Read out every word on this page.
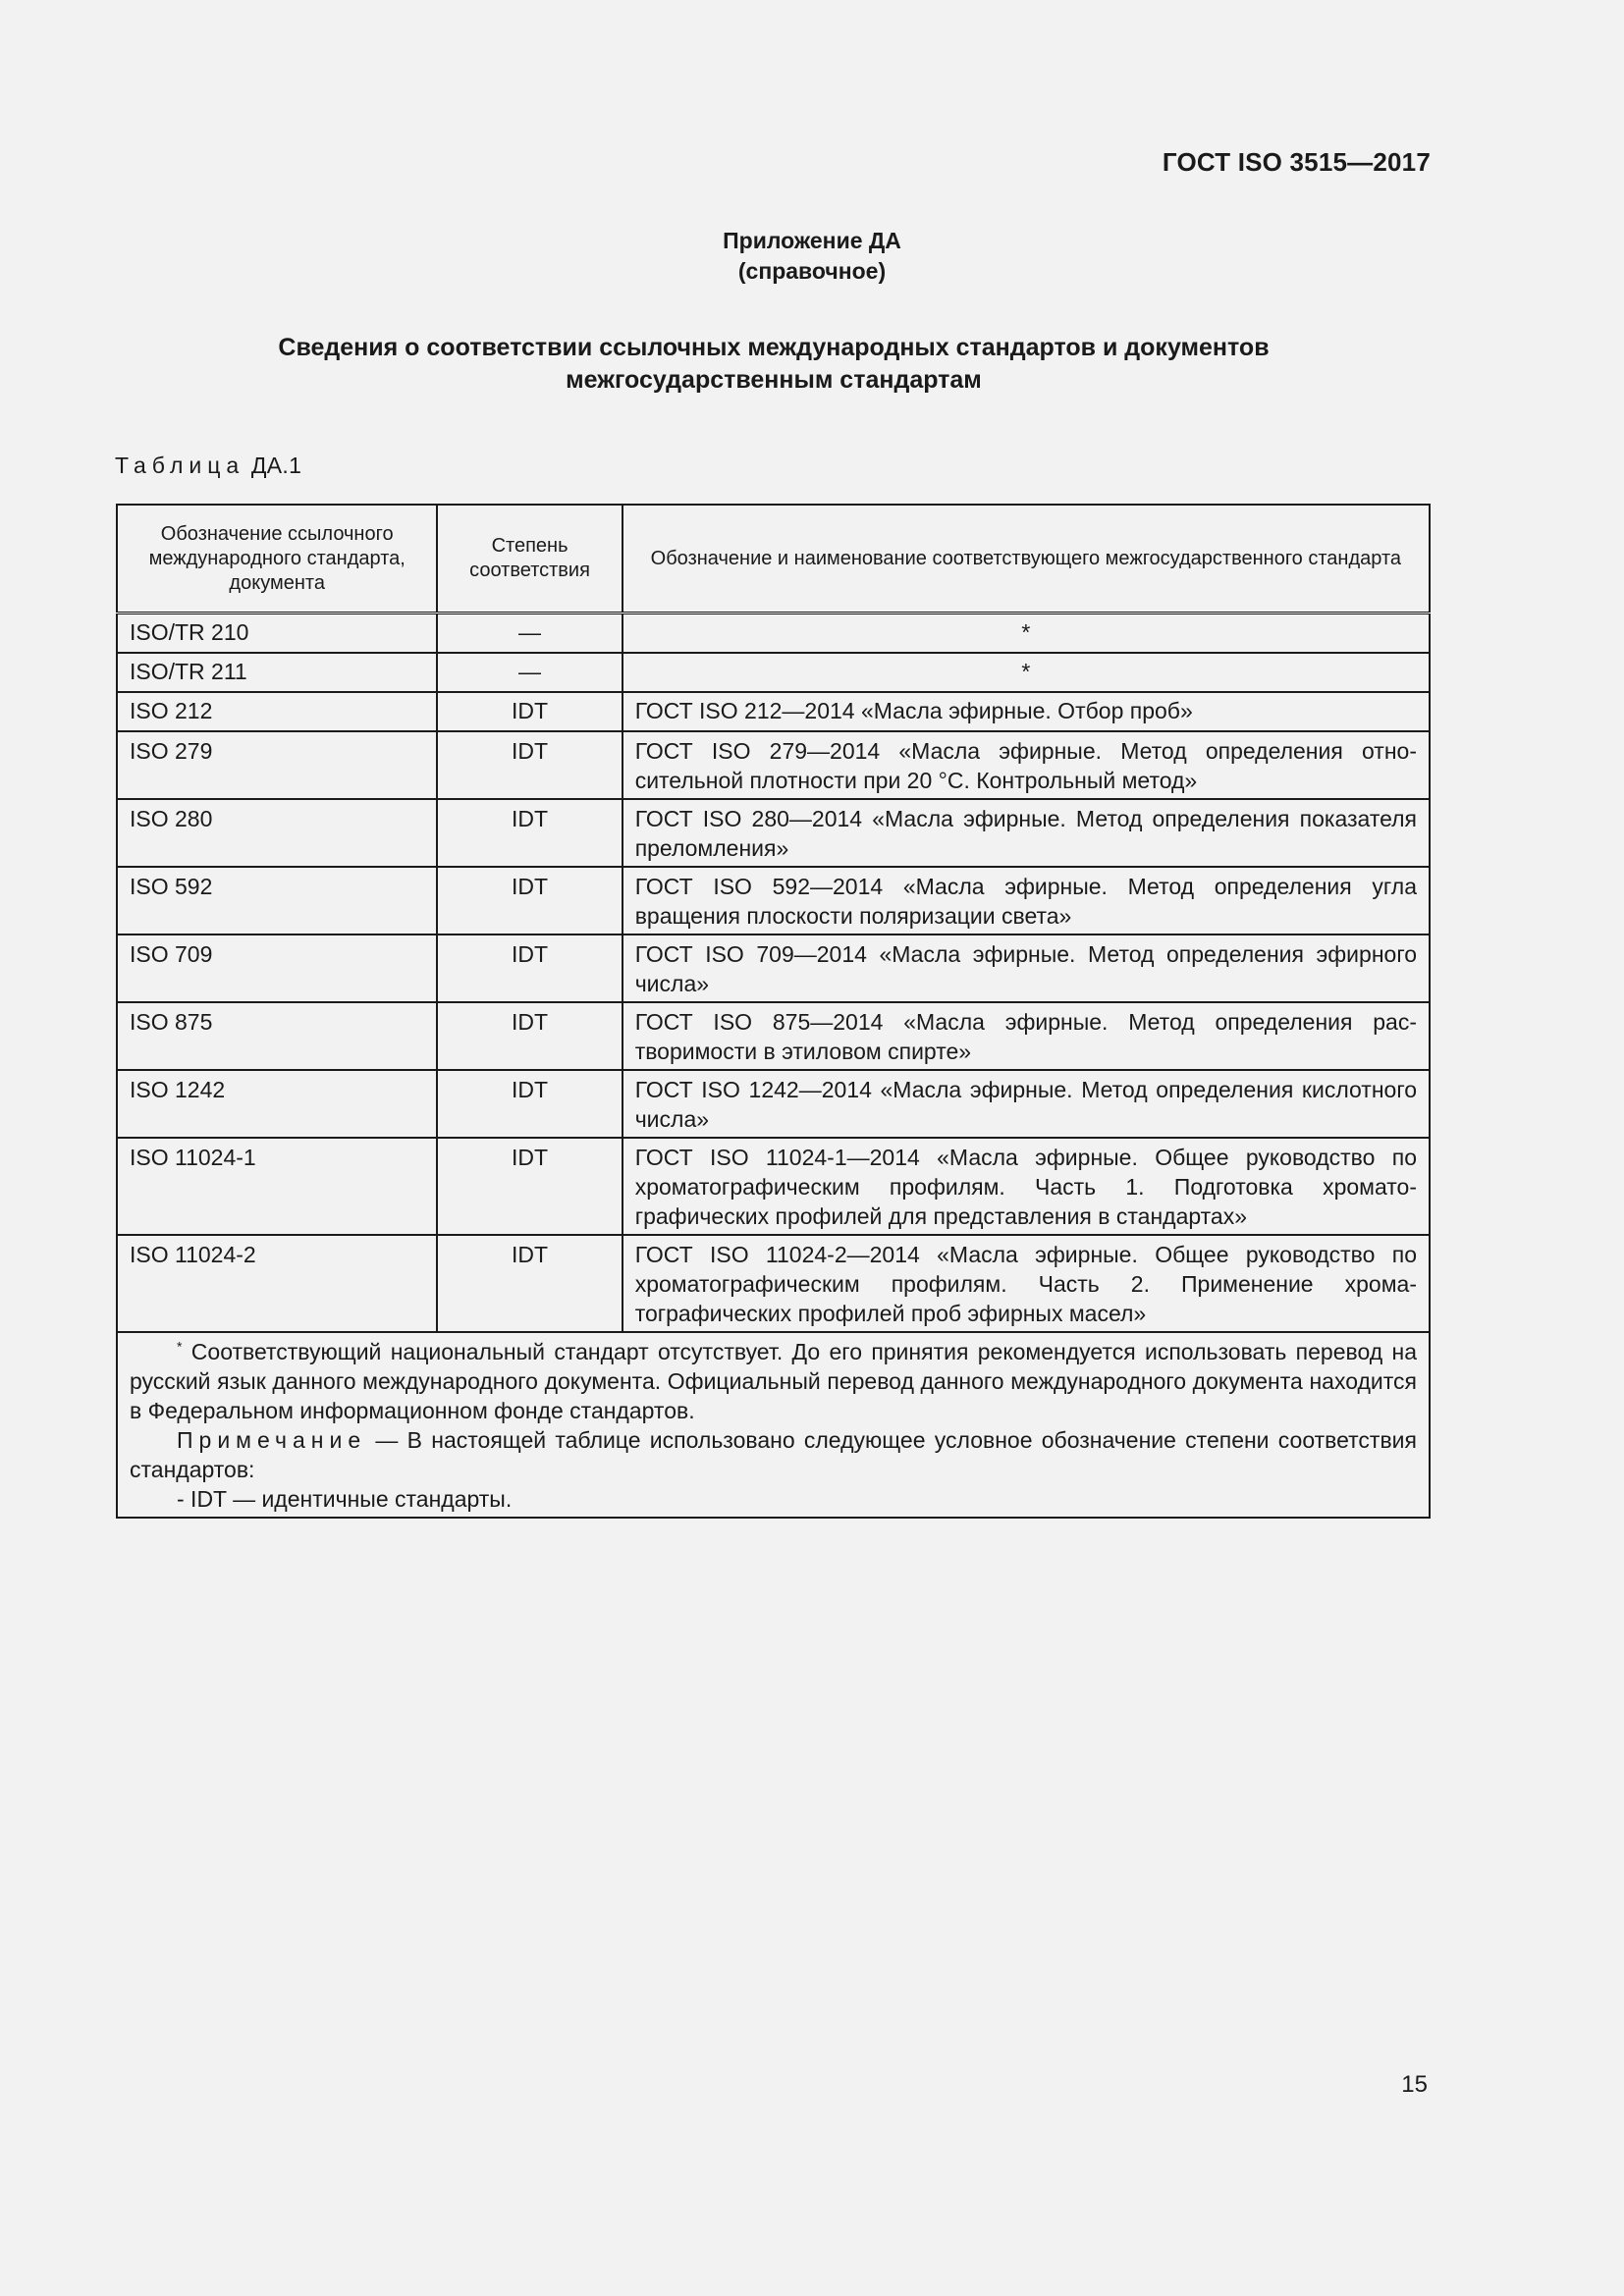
ГОСТ ISO 3515—2017
Приложение ДА
(справочное)
Сведения о соответствии ссылочных международных стандартов и документов
межгосударственным стандартам
Таблица ДА.1
Обозначение ссылочного международного стандарта, документа	Степень соответствия	Обозначение и наименование соответствующего межгосударственного стандарта
ISO/TR 210	—	*
ISO/TR 211	—	*
ISO 212	IDT	ГОСТ ISO 212—2014 «Масла эфирные. Отбор проб»
ISO 279	IDT	ГОСТ ISO 279—2014 «Масла эфирные. Метод определения относительной плотности при 20 °С. Контрольный метод»
ISO 280	IDT	ГОСТ ISO 280—2014 «Масла эфирные. Метод определения показателя преломления»
ISO 592	IDT	ГОСТ ISO 592—2014 «Масла эфирные. Метод определения угла вращения плоскости поляризации света»
ISO 709	IDT	ГОСТ ISO 709—2014 «Масла эфирные. Метод определения эфирного числа»
ISO 875	IDT	ГОСТ ISO 875—2014 «Масла эфирные. Метод определения растворимости в этиловом спирте»
ISO 1242	IDT	ГОСТ ISO 1242—2014 «Масла эфирные. Метод определения кислотного числа»
ISO 11024-1	IDT	ГОСТ ISO 11024-1—2014 «Масла эфирные. Общее руководство по хроматографическим профилям. Часть 1. Подготовка хроматографических профилей для представления в стандартах»
ISO 11024-2	IDT	ГОСТ ISO 11024-2—2014 «Масла эфирные. Общее руководство по хроматографическим профилям. Часть 2. Применение хроматографических профилей проб эфирных масел»

* Соответствующий национальный стандарт отсутствует. До его принятия рекомендуется использовать перевод на русский язык данного международного документа. Официальный перевод данного международного документа находится в Федеральном информационном фонде стандартов.

Примечание — В настоящей таблице использовано следующее условное обозначение степени соответствия стандартов:

- IDT — идентичные стандарты.		

15
